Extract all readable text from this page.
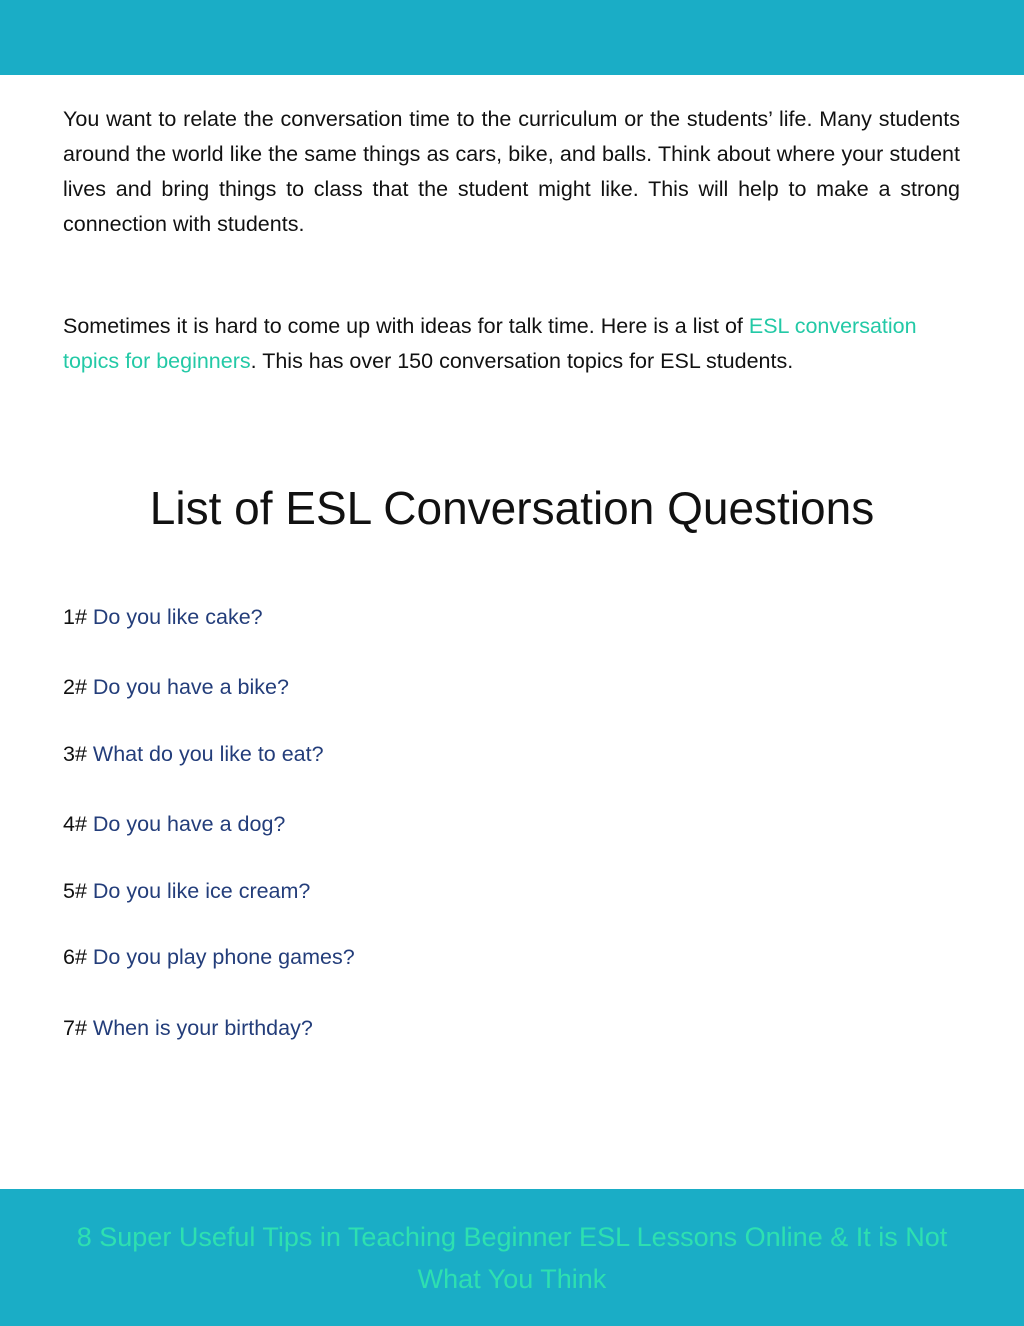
You want to relate the conversation time to the curriculum or the students’ life. Many students around the world like the same things as cars, bike, and balls. Think about where your student lives and bring things to class that the student might like. This will help to make a strong connection with students.

Sometimes it is hard to come up with ideas for talk time. Here is a list of ESL conversation topics for beginners. This has over 150 conversation topics for ESL students.

List of ESL Conversation Questions
1# Do you like cake?
2# Do you have a bike?
3# What do you like to eat?
4# Do you have a dog?
5# Do you like ice cream?
6# Do you play phone games?
7# When is your birthday?
8 Super Useful Tips in Teaching Beginner ESL Lessons Online & It is Not What You Think
